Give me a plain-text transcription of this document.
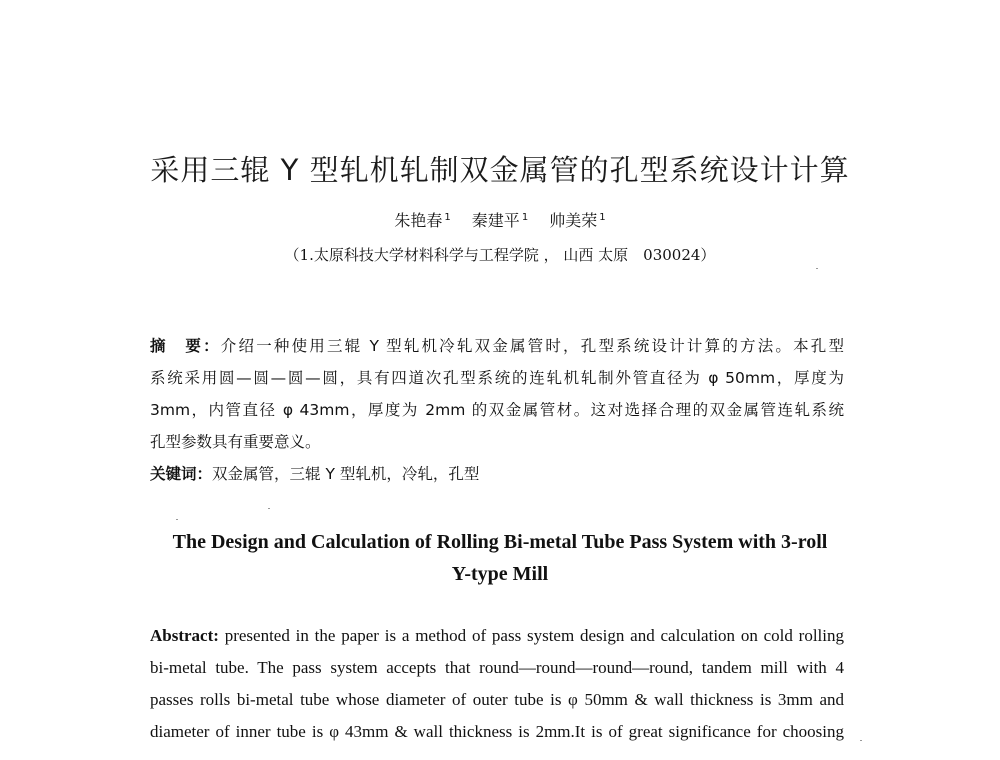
采用三辊 Y 型轧机轧制双金属管的孔型系统设计计算
朱艳春 $^1$ 秦建平 $^1$ 帅美荣 $^1$
（1.太原科技大学材料科学与工程学院 ， 山西 太原　030024）
摘　要：介绍一种使用三辊 Y 型轧机冷轧双金属管时，孔型系统设计计算的方法。本孔型
系统采用圆—圆—圆—圆，具有四道次孔型系统的连轧机轧制外管直径为 φ 50mm，厚度为
3mm，内管直径 φ 43mm，厚度为 2mm 的双金属管材。这对选择合理的双金属管连轧系统
孔型参数具有重要意义。
关键词：双金属管，三辊 Y 型轧机，冷轧，孔型
The Design and Calculation of Rolling Bi-metal Tube Pass System with 3-roll
Y-type Mill
Abstract: presented in the paper is a method of pass system design and calculation on cold rolling
bi-metal tube. The pass system accepts that round—round—round—round, tandem mill with 4
passes rolls bi-metal tube whose diameter of outer tube is φ 50mm & wall thickness is 3mm and
diameter of inner tube is φ 43mm & wall thickness is 2mm.It is of great significance for choosing
